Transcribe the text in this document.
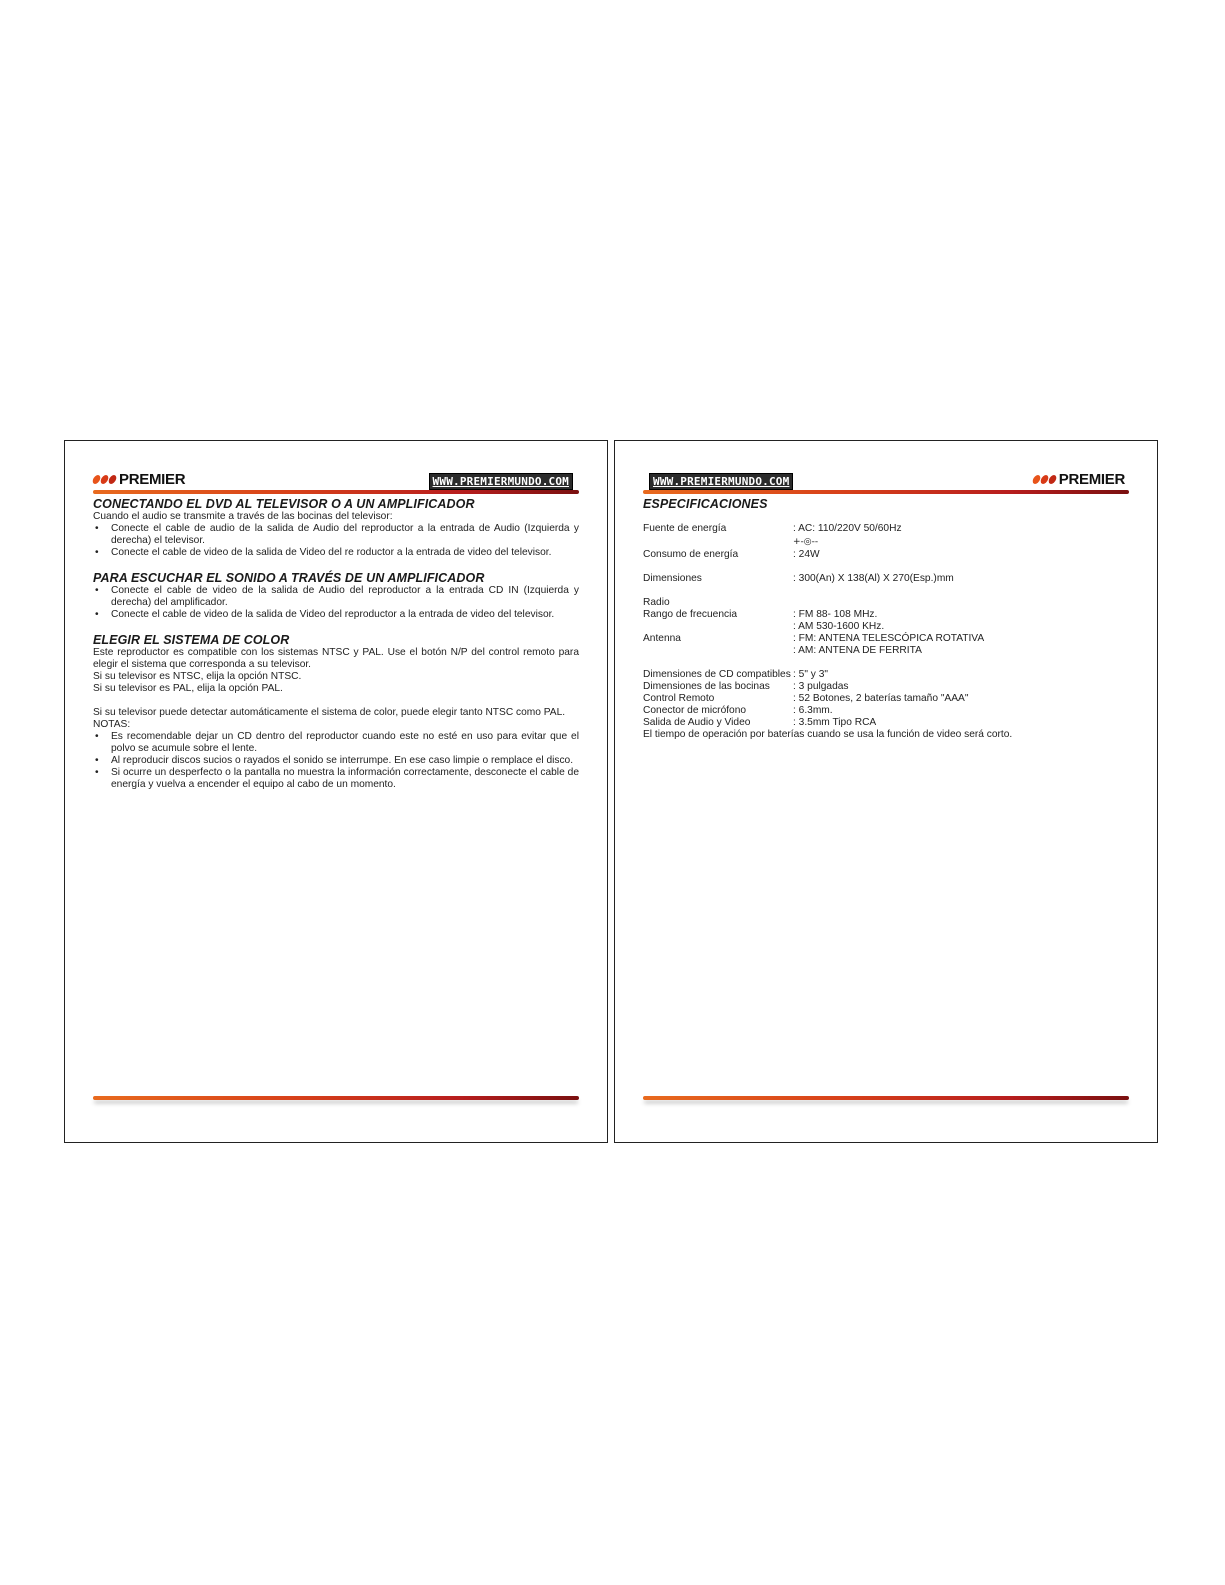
PREMIER	WWW.PREMIERMUNDO.COM
CONECTANDO EL DVD AL TELEVISOR O A UN AMPLIFICADOR

Cuando el audio se transmite a través de las bocinas del televisor:

• Conecte el cable de audio de la salida de Audio del reproductor a la entrada de Audio (Izquierda y derecha) el televisor.
• Conecte el cable de video de la salida de Video del re roductor a la entrada de video del televisor.
PARA ESCUCHAR EL SONIDO A TRAVÉS DE UN AMPLIFICADOR
• Conecte el cable de video de la salida de Audio del reproductor a la entrada CD IN (Izquierda y derecha) del amplificador.
• Conecte el cable de video de la salida de Video del reproductor a la entrada de video del televisor.
ELEGIR EL SISTEMA DE COLOR

Este reproductor es compatible con los sistemas NTSC y PAL. Use el botón N/P del control remoto para elegir el sistema que corresponda a su televisor.

Si su televisor es NTSC, elija la opción NTSC.

Si su televisor es PAL, elija la opción PAL.

Si su televisor puede detectar automáticamente el sistema de color, puede elegir tanto NTSC como PAL.

NOTAS:

• Es recomendable dejar un CD dentro del reproductor cuando este no esté en uso para evitar que el polvo se acumule sobre el lente.
• Al reproducir discos sucios o rayados el sonido se interrumpe. En ese caso limpie o remplace el disco.
• Si ocurre un desperfecto o la pantalla no muestra la información correctamente, desconecte el cable de energía y vuelva a encender el equipo al cabo de un momento.
WWW.PREMIERMUNDO.COM	PREMIER
ESPECIFICACIONES
Fuente de energía	: AC: 110/220V 50/60Hz
	+-◎--
Consumo de energía	: 24W

Dimensiones	: 300(An) X 138(Al) X 270(Esp.)mm

Radio	
Rango de frecuencia	: FM 88- 108 MHz.
	: AM 530-1600 KHz.
Antenna	: FM: ANTENA TELESCÓPICA ROTATIVA
	: AM: ANTENA DE FERRITA

Dimensiones de CD compatibles	: 5" y 3"
Dimensiones de las bocinas	: 3 pulgadas
Control Remoto	: 52 Botones, 2 baterías tamaño "AAA"
Conector de micrófono	: 6.3mm.
Salida de Audio y Video	: 3.5mm Tipo RCA

El tiempo de operación por baterías cuando se usa la función de video será corto.
